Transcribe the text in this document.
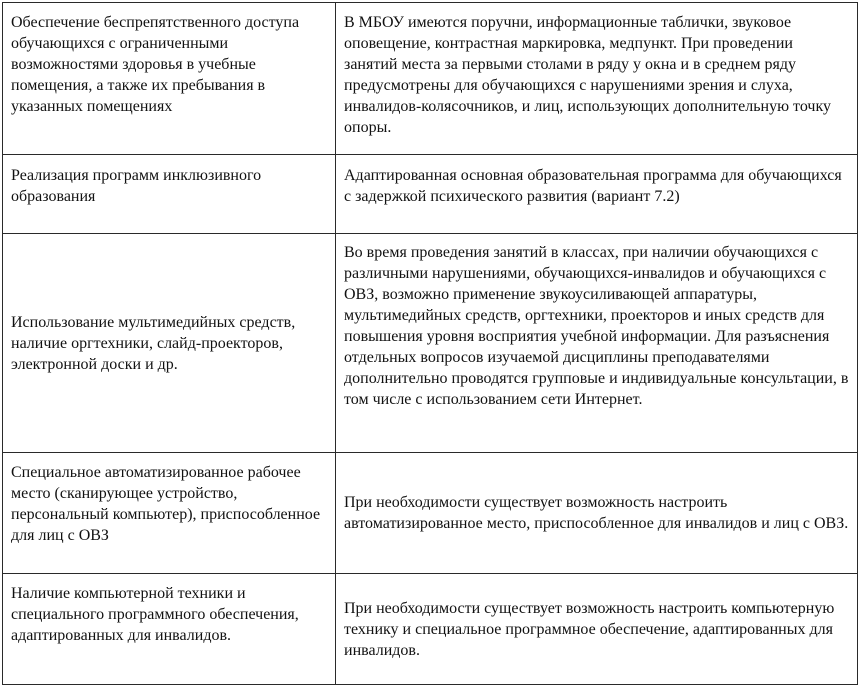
Обеспечение беспрепятственного доступа обучающихся с ограниченными возможностями здоровья в учебные помещения, а также их пребывания в указанных помещениях	В МБОУ имеются поручни, информационные таблички, звуковое оповещение, контрастная маркировка, медпункт. При проведении занятий места за первыми столами в ряду у окна и в среднем ряду предусмотрены для обучающихся с нарушениями зрения и слуха, инвалидов-колясочников, и лиц, использующих дополнительную точку опоры.
Реализация программ инклюзивного образования	Адаптированная основная образовательная программа для обучающихся с задержкой психического развития (вариант 7.2)
Использование мультимедийных средств, наличие оргтехники, слайд-проекторов, электронной доски и др.	Во время проведения занятий в классах, при наличии обучающихся с различными нарушениями, обучающихся-инвалидов и обучающихся с ОВЗ, возможно применение звукоусиливающей аппаратуры, мультимедийных средств, оргтехники, проекторов и иных средств для повышения уровня восприятия учебной информации. Для разъяснения отдельных вопросов изучаемой дисциплины преподавателями дополнительно проводятся групповые и индивидуальные консультации, в том числе с использованием сети Интернет.
Специальное автоматизированное рабочее место (сканирующее устройство, персональный компьютер), приспособленное для лиц с ОВЗ	При необходимости существует возможность настроить автоматизированное место, приспособленное для инвалидов и лиц с ОВЗ.
Наличие компьютерной техники и специального программного обеспечения, адаптированных для инвалидов.	При необходимости существует возможность настроить компьютерную технику и специальное программное обеспечение, адаптированных для инвалидов.
